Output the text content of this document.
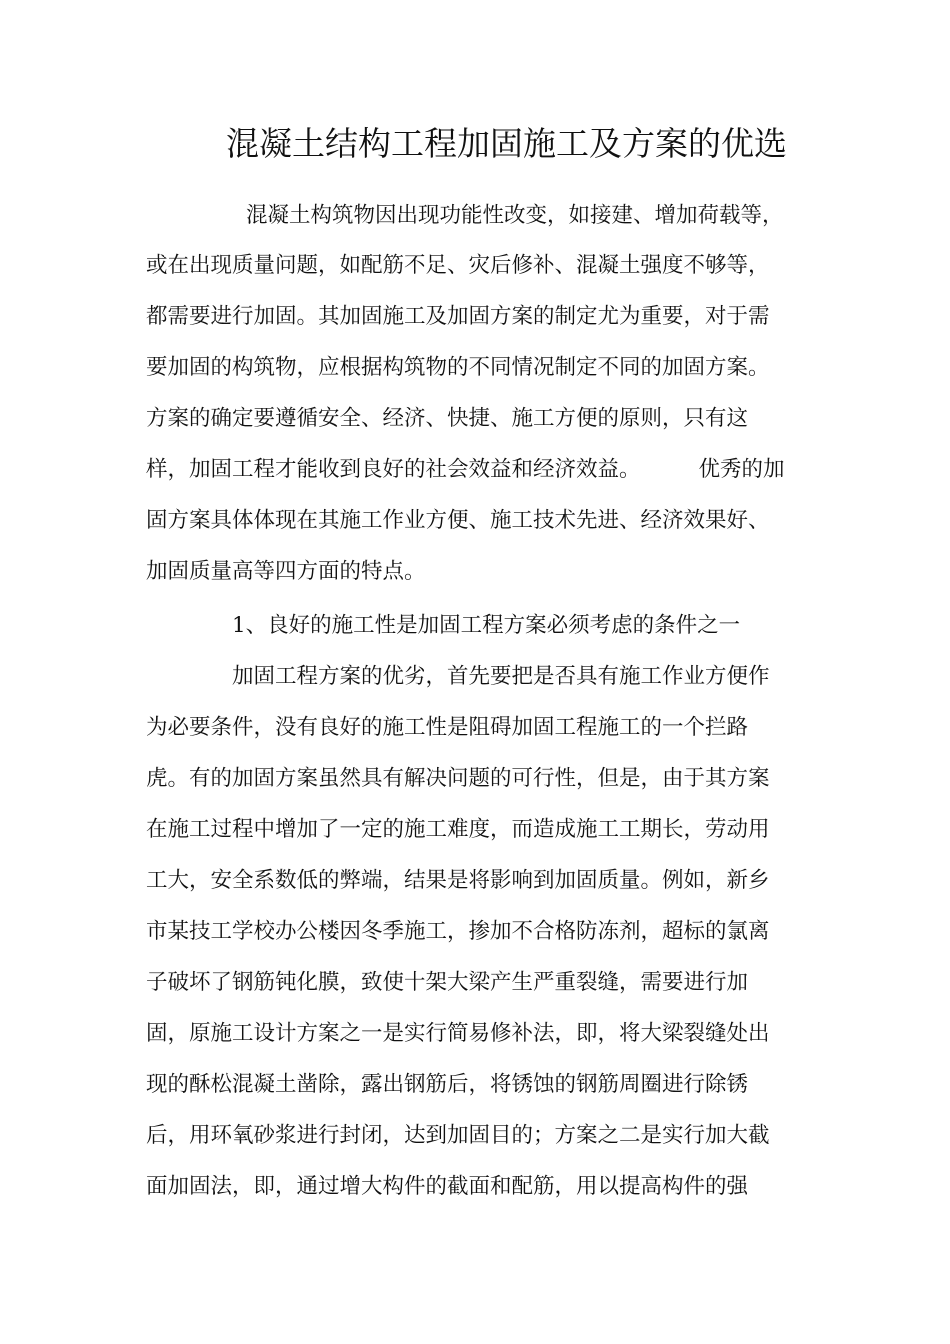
混凝土结构工程加固施工及方案的优选
混凝土构筑物因出现功能性改变，如接建、增加荷载等，
或在出现质量问题，如配筋不足、灾后修补、混凝土强度不够等，
都需要进行加固。其加固施工及加固方案的制定尤为重要，对于需
要加固的构筑物，应根据构筑物的不同情况制定不同的加固方案。
方案的确定要遵循安全、经济、快捷、施工方便的原则，只有这
样，加固工程才能收到良好的社会效益和经济效益。	优秀的加
固方案具体体现在其施工作业方便、施工技术先进、经济效果好、
加固质量高等四方面的特点。
1、良好的施工性是加固工程方案必须考虑的条件之一
加固工程方案的优劣，首先要把是否具有施工作业方便作
为必要条件，没有良好的施工性是阻碍加固工程施工的一个拦路
虎。有的加固方案虽然具有解决问题的可行性，但是，由于其方案
在施工过程中增加了一定的施工难度，而造成施工工期长，劳动用
工大，安全系数低的弊端，结果是将影响到加固质量。例如，新乡
市某技工学校办公楼因冬季施工，掺加不合格防冻剂，超标的氯离
子破坏了钢筋钝化膜，致使十架大梁产生严重裂缝，需要进行加
固，原施工设计方案之一是实行简易修补法，即，将大梁裂缝处出
现的酥松混凝土凿除，露出钢筋后，将锈蚀的钢筋周圈进行除锈
后，用环氧砂浆进行封闭，达到加固目的；方案之二是实行加大截
面加固法，即，通过增大构件的截面和配筋，用以提高构件的强
